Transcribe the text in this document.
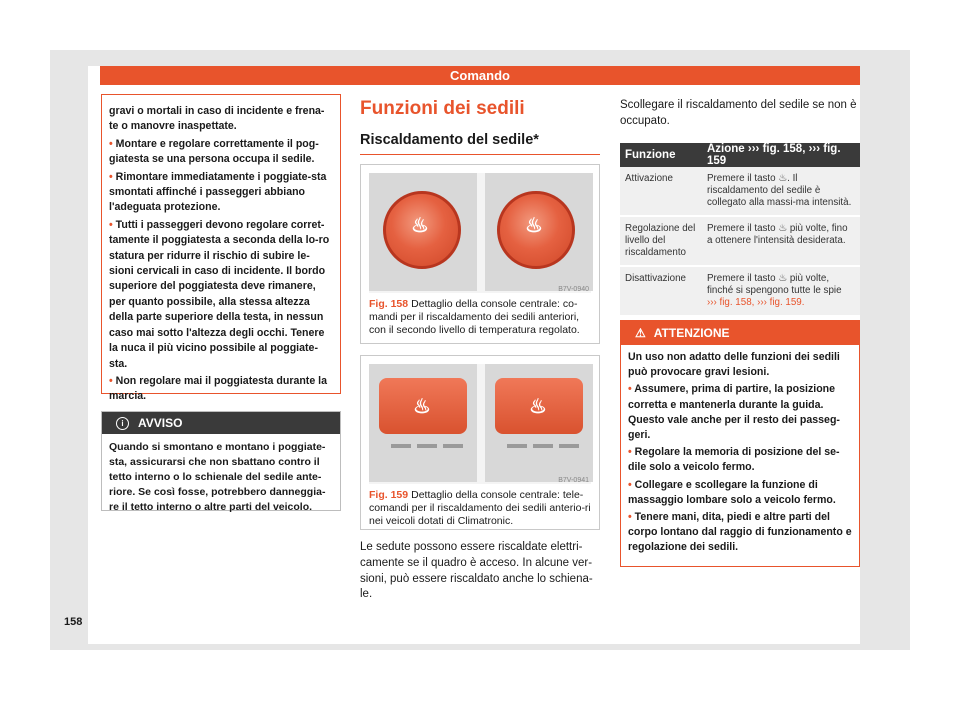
Comando

gravi o mortali in caso di incidente e frena-te o manovre inaspettate.

• Montare e regolare correttamente il pog-giatesta se una persona occupa il sedile.

• Rimontare immediatamente i poggiate-sta smontati affinché i passeggeri abbiano l'adeguata protezione.

• Tutti i passeggeri devono regolare corret-tamente il poggiatesta a seconda della lo-ro statura per ridurre il rischio di subire le-sioni cervicali in caso di incidente. Il bordo superiore del poggiatesta deve rimanere, per quanto possibile, alla stessa altezza della parte superiore della testa, in nessun caso mai sotto l'altezza degli occhi. Tenere la nuca il più vicino possibile al poggiate-sta.

• Non regolare mai il poggiatesta durante la marcia.

i AVVISO
Quando si smontano e montano i poggiate-sta, assicurarsi che non sbattano contro il tetto interno o lo schienale del sedile ante-riore. Se così fosse, potrebbero danneggia-re il tetto interno o altre parti del veicolo.
Funzioni dei sedili
Riscaldamento del sedile*
♨	♨
B7V-0940
Fig. 158 Dettaglio della console centrale: co-mandi per il riscaldamento dei sedili anteriori, con il secondo livello di temperatura regolato.
♨	♨
B7V-0941
Fig. 159 Dettaglio della console centrale: tele-comandi per il riscaldamento dei sedili anterio-ri nei veicoli dotati di Climatronic.
Le sedute possono essere riscaldate elettri-camente se il quadro è acceso. In alcune ver-sioni, può essere riscaldato anche lo schiena-le.
Scollegare il riscaldamento del sedile se non è occupato.
Funzione	Azione ››› fig. 158, ››› fig. 159
Attivazione	Premere il tasto ♨. Il riscaldamento del sedile è collegato alla massi-ma intensità.
Regolazione del livello del riscaldamento	Premere il tasto ♨ più volte, fino a ottenere l'intensità desiderata.
Disattivazione	Premere il tasto ♨ più volte, finché si spengono tutte le spie
››› fig. 158, ››› fig. 159.
⚠ ATTENZIONE

Un uso non adatto delle funzioni dei sedili può provocare gravi lesioni.

• Assumere, prima di partire, la posizione corretta e mantenerla durante la guida. Questo vale anche per il resto dei passeg-geri.

• Regolare la memoria di posizione del se-dile solo a veicolo fermo.

• Collegare e scollegare la funzione di massaggio lombare solo a veicolo fermo.

• Tenere mani, dita, piedi e altre parti del corpo lontano dal raggio di funzionamento e regolazione dei sedili.

158
